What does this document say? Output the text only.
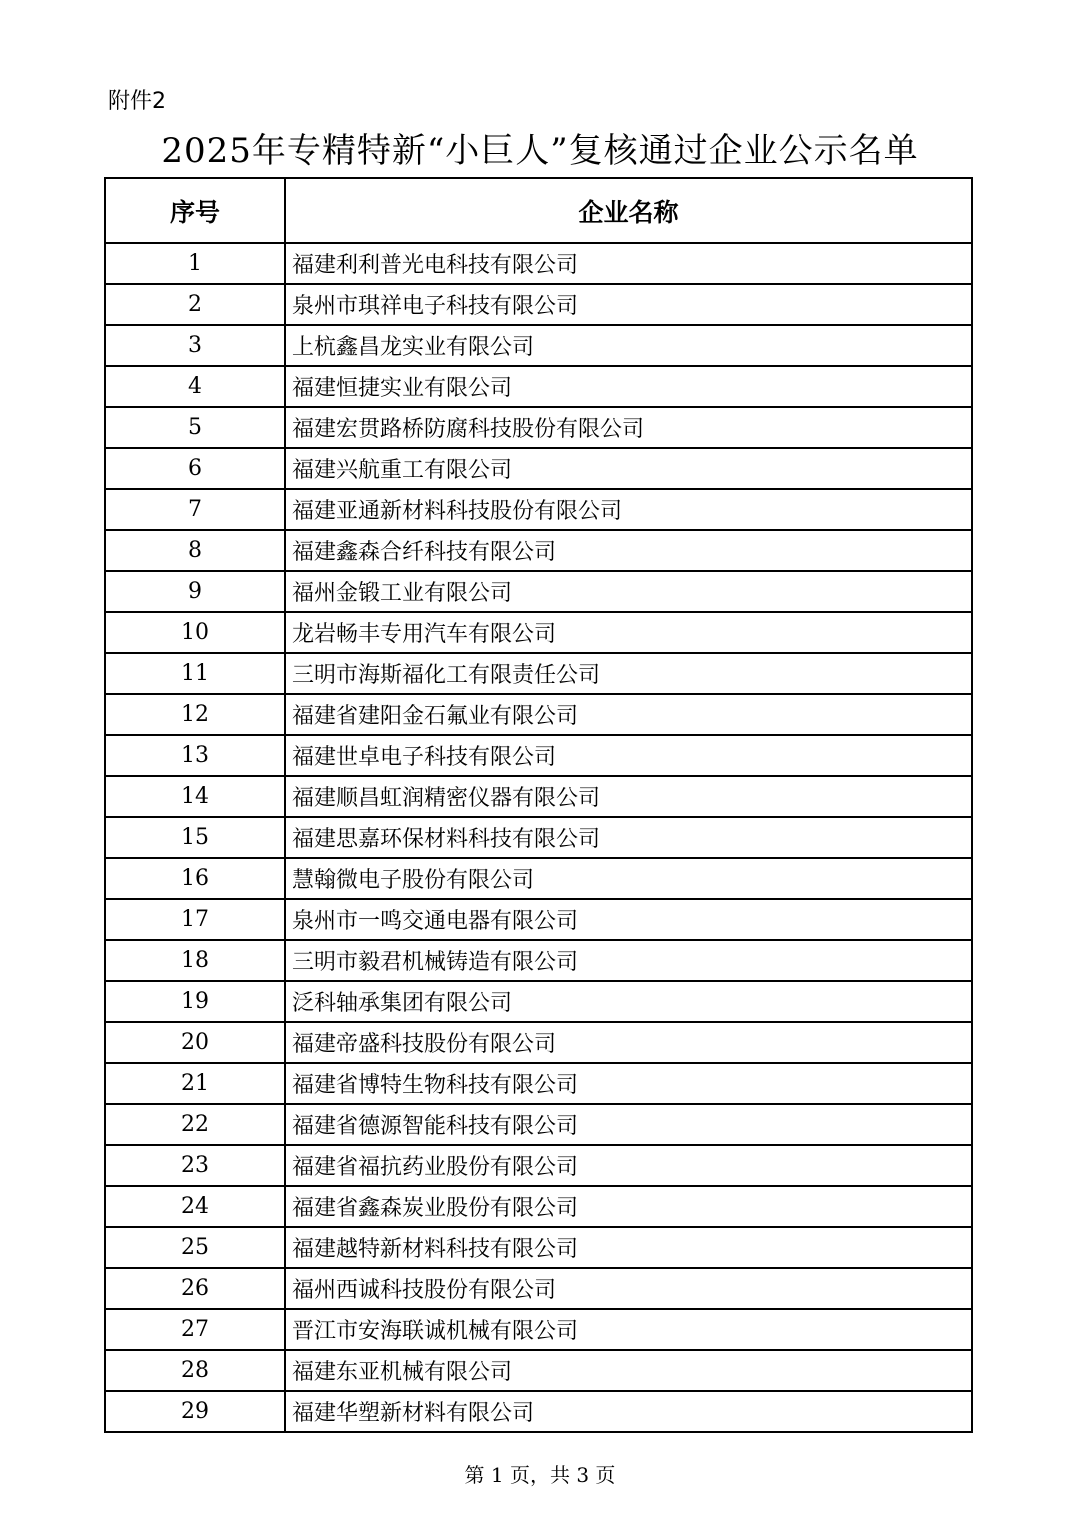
附件2
2025年专精特新“小巨人”复核通过企业公示名单
序号	企业名称
1	福建利利普光电科技有限公司
2	泉州市琪祥电子科技有限公司
3	上杭鑫昌龙实业有限公司
4	福建恒捷实业有限公司
5	福建宏贯路桥防腐科技股份有限公司
6	福建兴航重工有限公司
7	福建亚通新材料科技股份有限公司
8	福建鑫森合纤科技有限公司
9	福州金锻工业有限公司
10	龙岩畅丰专用汽车有限公司
11	三明市海斯福化工有限责任公司
12	福建省建阳金石氟业有限公司
13	福建世卓电子科技有限公司
14	福建顺昌虹润精密仪器有限公司
15	福建思嘉环保材料科技有限公司
16	慧翰微电子股份有限公司
17	泉州市一鸣交通电器有限公司
18	三明市毅君机械铸造有限公司
19	泛科轴承集团有限公司
20	福建帝盛科技股份有限公司
21	福建省博特生物科技有限公司
22	福建省德源智能科技有限公司
23	福建省福抗药业股份有限公司
24	福建省鑫森炭业股份有限公司
25	福建越特新材料科技有限公司
26	福州西诚科技股份有限公司
27	晋江市安海联诚机械有限公司
28	福建东亚机械有限公司
29	福建华塑新材料有限公司
第 1 页，共 3 页
